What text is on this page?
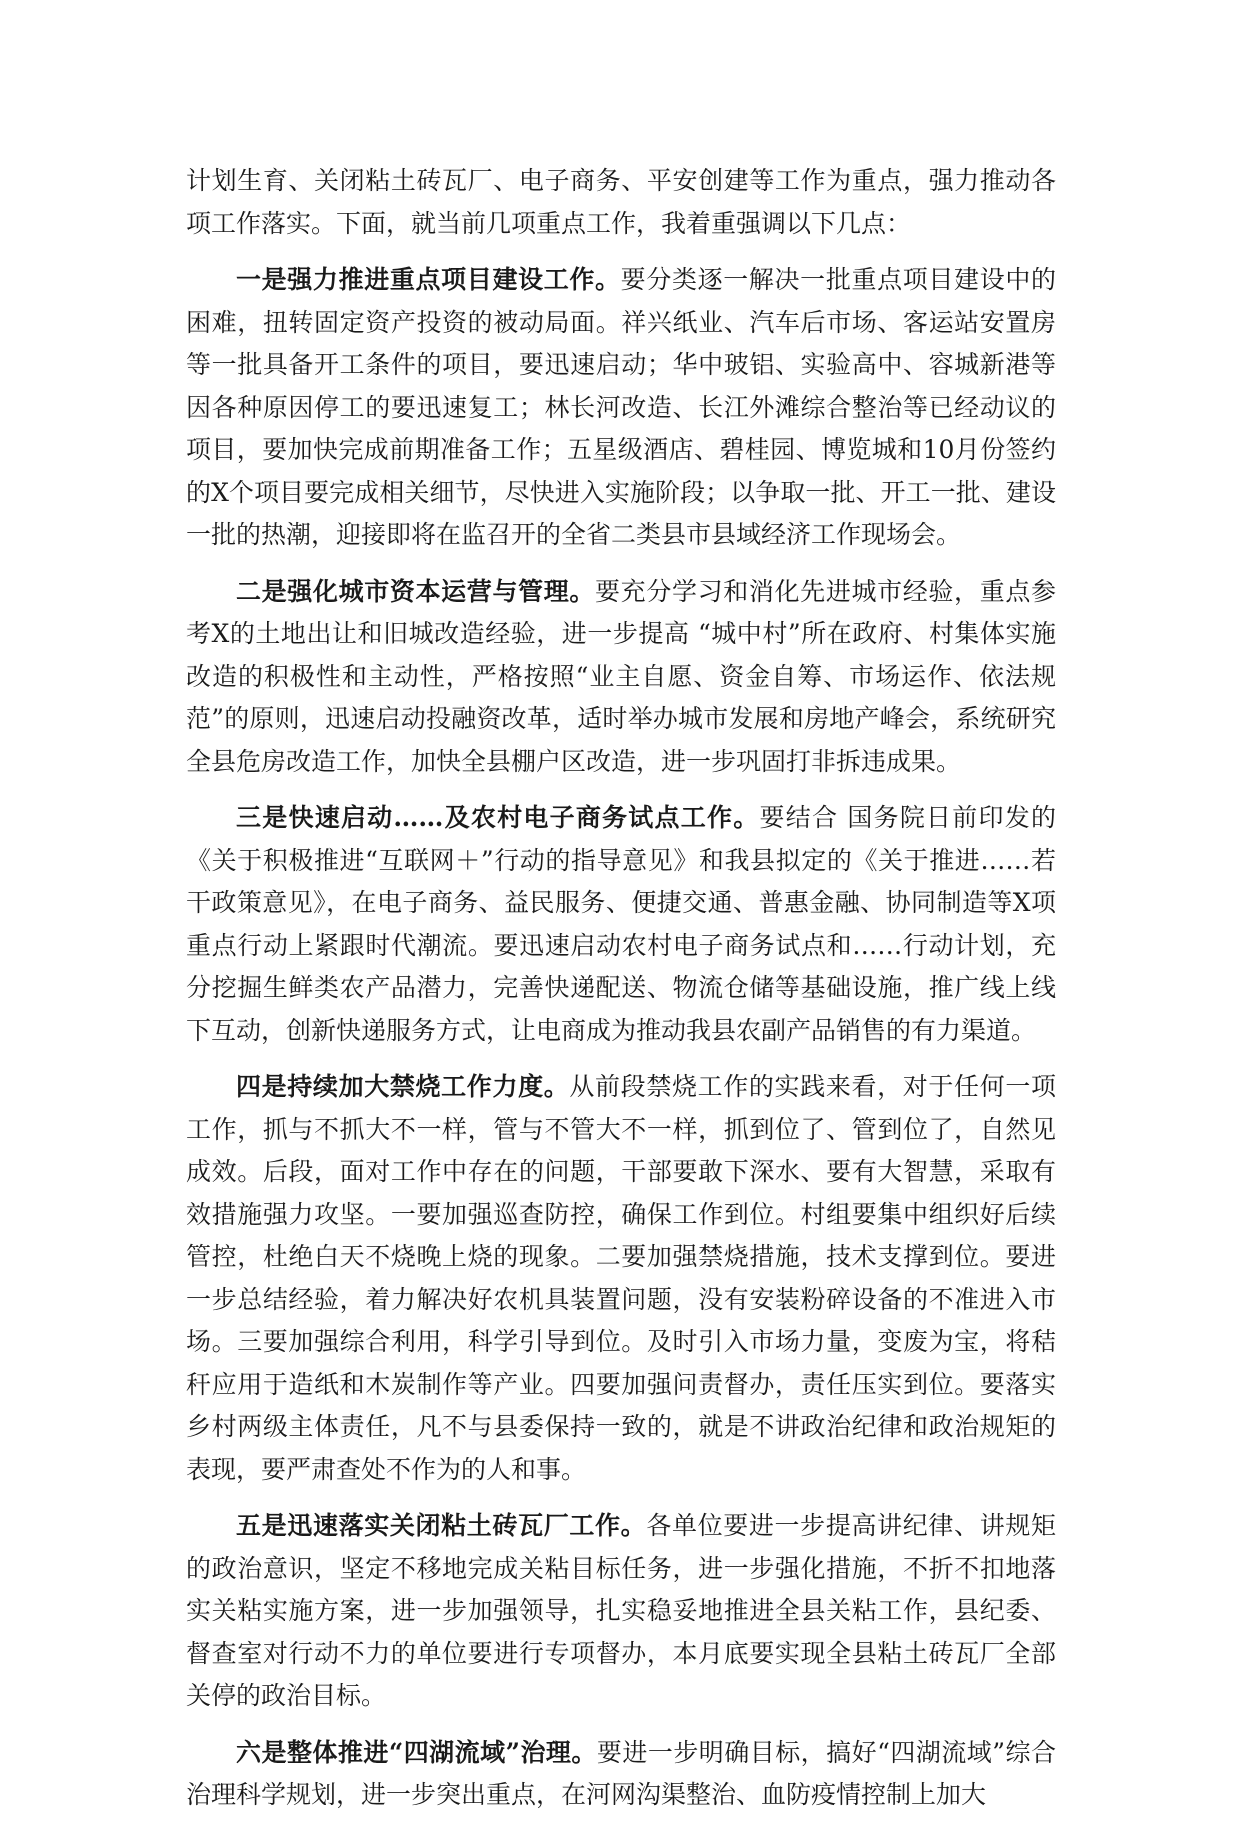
计划生育、关闭粘土砖瓦厂、电子商务、平安创建等工作为重点，强力推动各项工作落实。下面，就当前几项重点工作，我着重强调以下几点：

一是强力推进重点项目建设工作。要分类逐一解决一批重点项目建设中的困难，扭转固定资产投资的被动局面。祥兴纸业、汽车后市场、客运站安置房等一批具备开工条件的项目，要迅速启动；华中玻铝、实验高中、容城新港等因各种原因停工的要迅速复工；林长河改造、长江外滩综合整治等已经动议的项目，要加快完成前期准备工作；五星级酒店、碧桂园、博览城和10月份签约的X个项目要完成相关细节，尽快进入实施阶段；以争取一批、开工一批、建设一批的热潮，迎接即将在监召开的全省二类县市县域经济工作现场会。

二是强化城市资本运营与管理。要充分学习和消化先进城市经验，重点参考X的土地出让和旧城改造经验，进一步提高 “城中村”所在政府、村集体实施改造的积极性和主动性，严格按照“业主自愿、资金自筹、市场运作、依法规范”的原则，迅速启动投融资改革，适时举办城市发展和房地产峰会，系统研究全县危房改造工作，加快全县棚户区改造，进一步巩固打非拆违成果。

三是快速启动……及农村电子商务试点工作。要结合 国务院日前印发的《关于积极推进“互联网＋”行动的指导意见》和我县拟定的《关于推进……若干政策意见》，在电子商务、益民服务、便捷交通、普惠金融、协同制造等X项重点行动上紧跟时代潮流。要迅速启动农村电子商务试点和……行动计划，充分挖掘生鲜类农产品潜力，完善快递配送、物流仓储等基础设施，推广线上线下互动，创新快递服务方式，让电商成为推动我县农副产品销售的有力渠道。

四是持续加大禁烧工作力度。从前段禁烧工作的实践来看，对于任何一项工作，抓与不抓大不一样，管与不管大不一样，抓到位了、管到位了，自然见成效。后段，面对工作中存在的问题，干部要敢下深水、要有大智慧，采取有效措施强力攻坚。一要加强巡查防控，确保工作到位。村组要集中组织好后续管控，杜绝白天不烧晚上烧的现象。二要加强禁烧措施，技术支撑到位。要进一步总结经验，着力解决好农机具装置问题，没有安装粉碎设备的不准进入市场。三要加强综合利用，科学引导到位。及时引入市场力量，变废为宝，将秸秆应用于造纸和木炭制作等产业。四要加强问责督办，责任压实到位。要落实乡村两级主体责任，凡不与县委保持一致的，就是不讲政治纪律和政治规矩的表现，要严肃查处不作为的人和事。

五是迅速落实关闭粘土砖瓦厂工作。各单位要进一步提高讲纪律、讲规矩的政治意识，坚定不移地完成关粘目标任务，进一步强化措施，不折不扣地落实关粘实施方案，进一步加强领导，扎实稳妥地推进全县关粘工作，县纪委、督查室对行动不力的单位要进行专项督办，本月底要实现全县粘土砖瓦厂全部关停的政治目标。

六是整体推进“四湖流域”治理。要进一步明确目标，搞好“四湖流域”综合治理科学规划，进一步突出重点，在河网沟渠整治、血防疫情控制上加大
